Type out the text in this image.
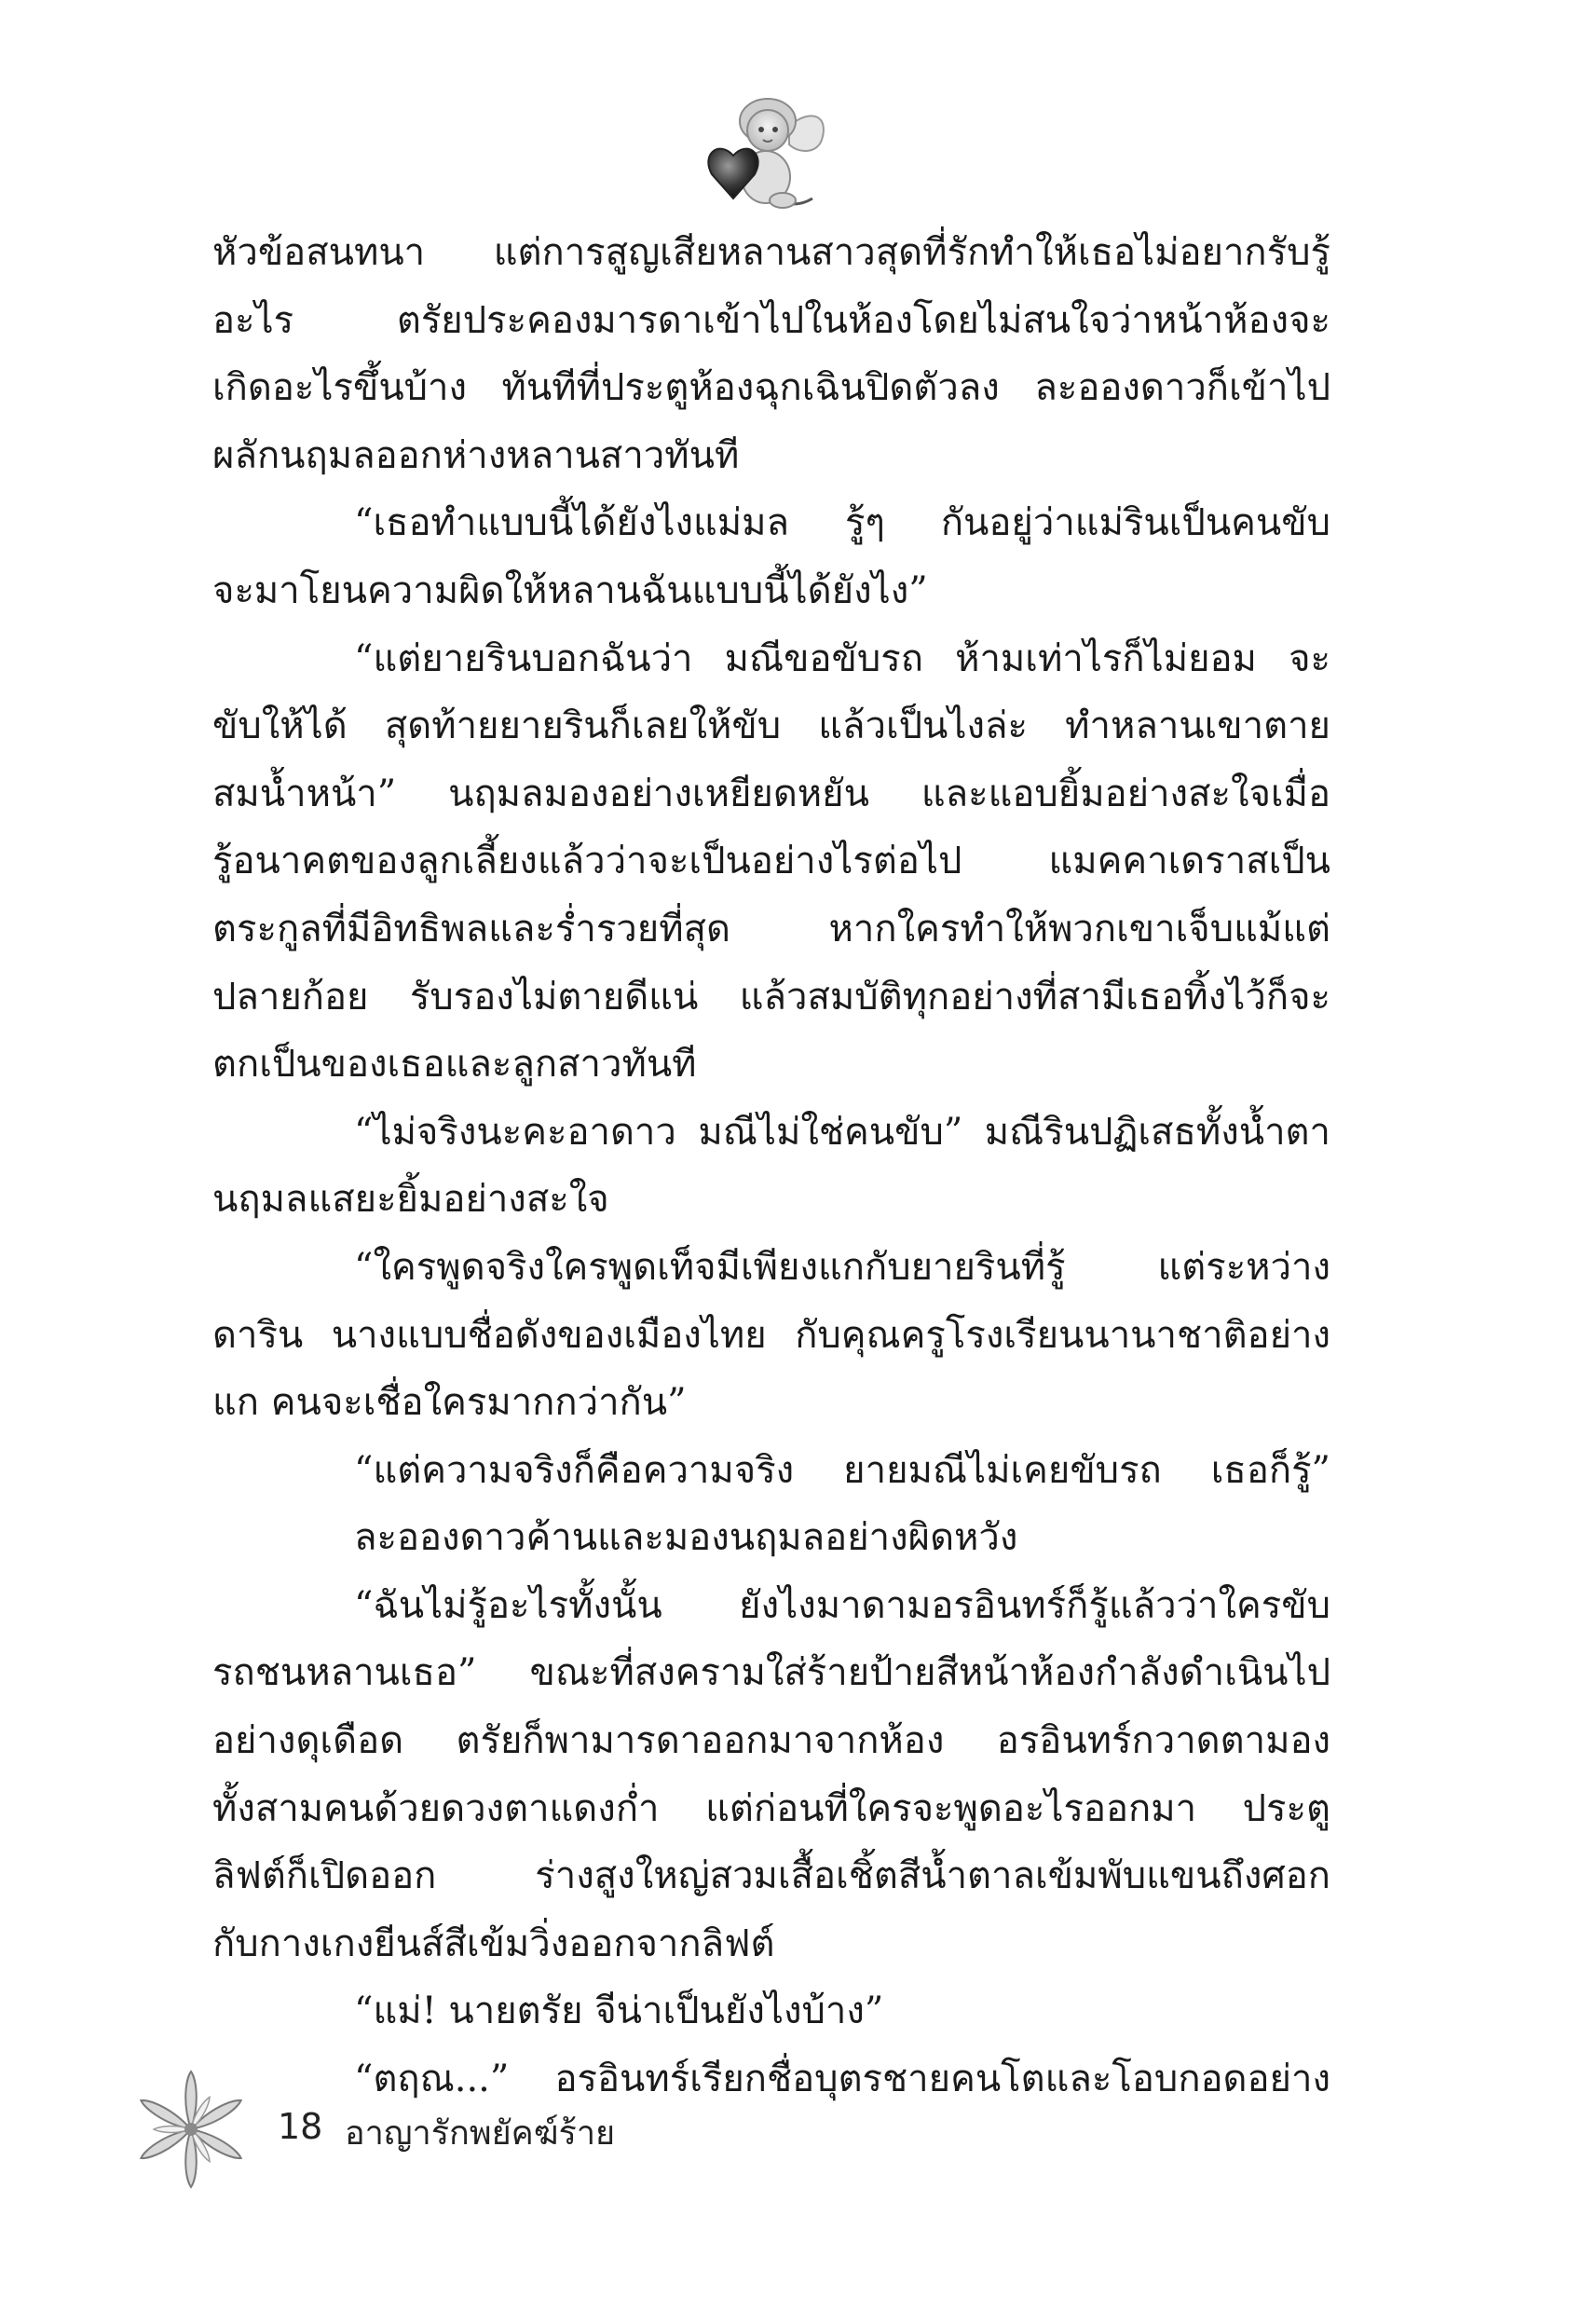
หัวข้อสนทนา แต่การสูญเสียหลานสาวสุดที่รักทำให้เธอไม่อยากรับรู้
อะไร ตรัยประคองมารดาเข้าไปในห้องโดยไม่สนใจว่าหน้าห้องจะ
เกิดอะไรขึ้นบ้าง ทันทีที่ประตูห้องฉุกเฉินปิดตัวลง ละอองดาวก็เข้าไป
ผลักนฤมลออกห่างหลานสาวทันที
“เธอทำแบบนี้ได้ยังไงแม่มล รู้ๆ กันอยู่ว่าแม่รินเป็นคนขับ
จะมาโยนความผิดให้หลานฉันแบบนี้ได้ยังไง”
“แต่ยายรินบอกฉันว่า มณีขอขับรถ ห้ามเท่าไรก็ไม่ยอม จะ
ขับให้ได้ สุดท้ายยายรินก็เลยให้ขับ แล้วเป็นไงล่ะ ทำหลานเขาตาย
สมน้ำหน้า” นฤมลมองอย่างเหยียดหยัน และแอบยิ้มอย่างสะใจเมื่อ
รู้อนาคตของลูกเลี้ยงแล้วว่าจะเป็นอย่างไรต่อไป แมคคาเดราสเป็น
ตระกูลที่มีอิทธิพลและร่ำรวยที่สุด หากใครทำให้พวกเขาเจ็บแม้แต่
ปลายก้อย รับรองไม่ตายดีแน่ แล้วสมบัติทุกอย่างที่สามีเธอทิ้งไว้ก็จะ
ตกเป็นของเธอและลูกสาวทันที
“ไม่จริงนะคะอาดาว มณีไม่ใช่คนขับ” มณีรินปฏิเสธทั้งน้ำตา
นฤมลแสยะยิ้มอย่างสะใจ
“ใครพูดจริงใครพูดเท็จมีเพียงแกกับยายรินที่รู้ แต่ระหว่าง
ดาริน นางแบบชื่อดังของเมืองไทย กับคุณครูโรงเรียนนานาชาติอย่าง
แก คนจะเชื่อใครมากกว่ากัน”
“แต่ความจริงก็คือความจริง ยายมณีไม่เคยขับรถ เธอก็รู้”
ละอองดาวค้านและมองนฤมลอย่างผิดหวัง
“ฉันไม่รู้อะไรทั้งนั้น ยังไงมาดามอรอินทร์ก็รู้แล้วว่าใครขับ
รถชนหลานเธอ” ขณะที่สงครามใส่ร้ายป้ายสีหน้าห้องกำลังดำเนินไป
อย่างดุเดือด ตรัยก็พามารดาออกมาจากห้อง อรอินทร์กวาดตามอง
ทั้งสามคนด้วยดวงตาแดงก่ำ แต่ก่อนที่ใครจะพูดอะไรออกมา ประตู
ลิฟต์ก็เปิดออก ร่างสูงใหญ่สวมเสื้อเชิ้ตสีน้ำตาลเข้มพับแขนถึงศอก
กับกางเกงยีนส์สีเข้มวิ่งออกจากลิฟต์
“แม่! นายตรัย จีน่าเป็นยังไงบ้าง”
“ตฤณ...” อรอินทร์เรียกชื่อบุตรชายคนโตและโอบกอดอย่าง
18 อาญารักพยัคฆ์ร้าย
